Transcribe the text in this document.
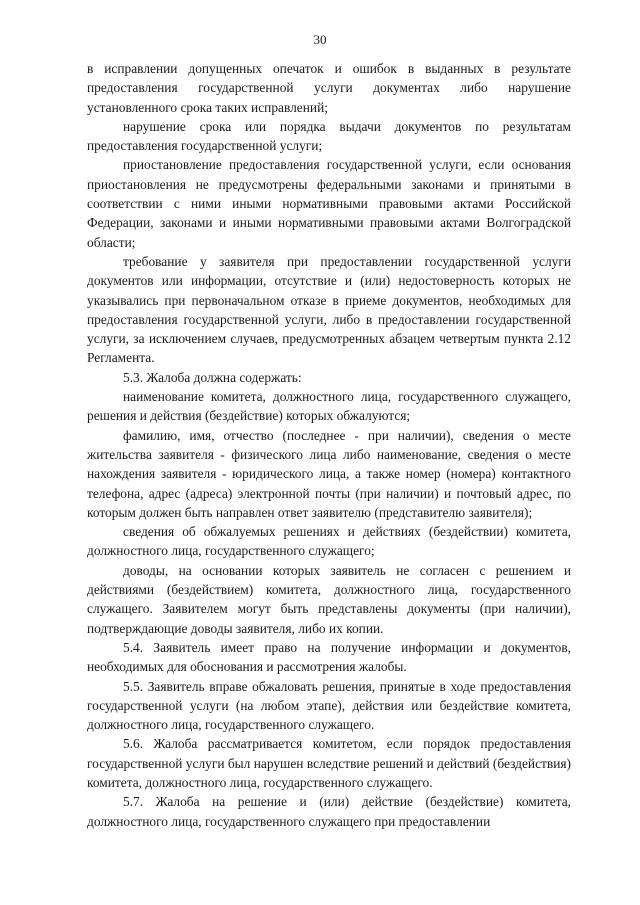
30

в исправлении допущенных опечаток и ошибок в выданных в результате предоставления государственной услуги документах либо нарушение установленного срока таких исправлений;

нарушение срока или порядка выдачи документов по результатам предоставления государственной услуги;

приостановление предоставления государственной услуги, если основания приостановления не предусмотрены федеральными законами и принятыми в соответствии с ними иными нормативными правовыми актами Российской Федерации, законами и иными нормативными правовыми актами Волгоградской области;

требование у заявителя при предоставлении государственной услуги документов или информации, отсутствие и (или) недостоверность которых не указывались при первоначальном отказе в приеме документов, необходимых для предоставления государственной услуги, либо в предоставлении государственной услуги, за исключением случаев, предусмотренных абзацем четвертым пункта 2.12 Регламента.

5.3. Жалоба должна содержать:

наименование комитета, должностного лица, государственного служащего, решения и действия (бездействие) которых обжалуются;

фамилию, имя, отчество (последнее - при наличии), сведения о месте жительства заявителя - физического лица либо наименование, сведения о месте нахождения заявителя - юридического лица, а также номер (номера) контактного телефона, адрес (адреса) электронной почты (при наличии) и почтовый адрес, по которым должен быть направлен ответ заявителю (представителю заявителя);

сведения об обжалуемых решениях и действиях (бездействии) комитета, должностного лица, государственного служащего;

доводы, на основании которых заявитель не согласен с решением и действиями (бездействием) комитета, должностного лица, государственного служащего. Заявителем могут быть представлены документы (при наличии), подтверждающие доводы заявителя, либо их копии.

5.4. Заявитель имеет право на получение информации и документов, необходимых для обоснования и рассмотрения жалобы.

5.5. Заявитель вправе обжаловать решения, принятые в ходе предоставления государственной услуги (на любом этапе), действия или бездействие комитета, должностного лица, государственного служащего.

5.6. Жалоба рассматривается комитетом, если порядок предоставления государственной услуги был нарушен вследствие решений и действий (бездействия) комитета, должностного лица, государственного служащего.

5.7. Жалоба на решение и (или) действие (бездействие) комитета, должностного лица, государственного служащего при предоставлении
